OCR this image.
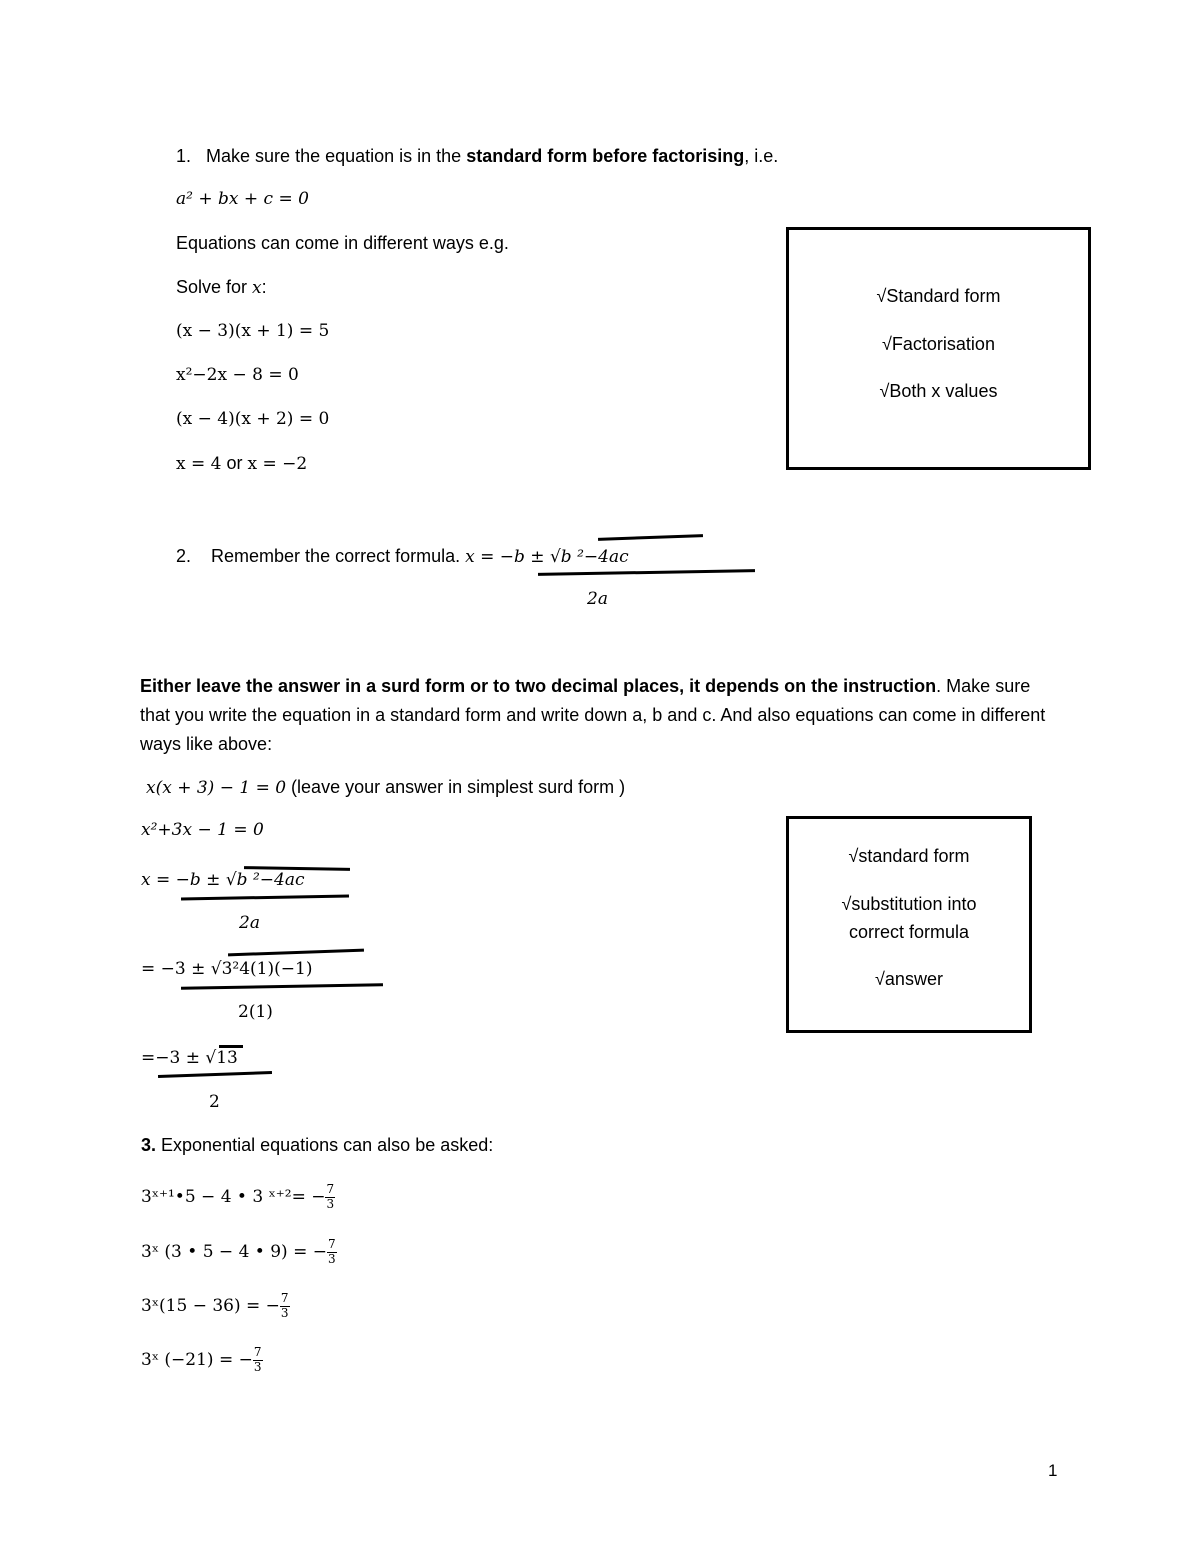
1. Make sure the equation is in the standard form before factorising, i.e.
a² + bx + c = 0
Equations can come in different ways e.g.
Solve for x:
(x − 3)(x + 1) = 5
x²−2x − 8 = 0
(x − 4)(x + 2) = 0
x = 4 or x = −2
√Standard form
√Factorisation
√Both x values
2. Remember the correct formula. x = −b ± √b ²−4ac
2a
Either leave the answer in a surd form or to two decimal places, it depends on the instruction. Make sure that you write the equation in a standard form and write down a, b and c. And also equations can come in different ways like above:
x(x + 3) − 1 = 0 (leave your answer in simplest surd form )
x²+3x − 1 = 0
x = −b ± √b ²−4ac
2a
= −3 ± √3²4(1)(−1)
2(1)
=−3 ± √13
2
√standard form
√substitution into
correct formula
√answer
3. Exponential equations can also be asked:
3ˣ⁺¹•5 − 4 • 3 ˣ⁺²= − $\frac{7}{3}$
3ˣ (3 • 5 − 4 • 9) = − $\frac{7}{3}$
3ˣ(15 − 36) = − $\frac{7}{3}$
3ˣ (−21) = − $\frac{7}{3}$
1
